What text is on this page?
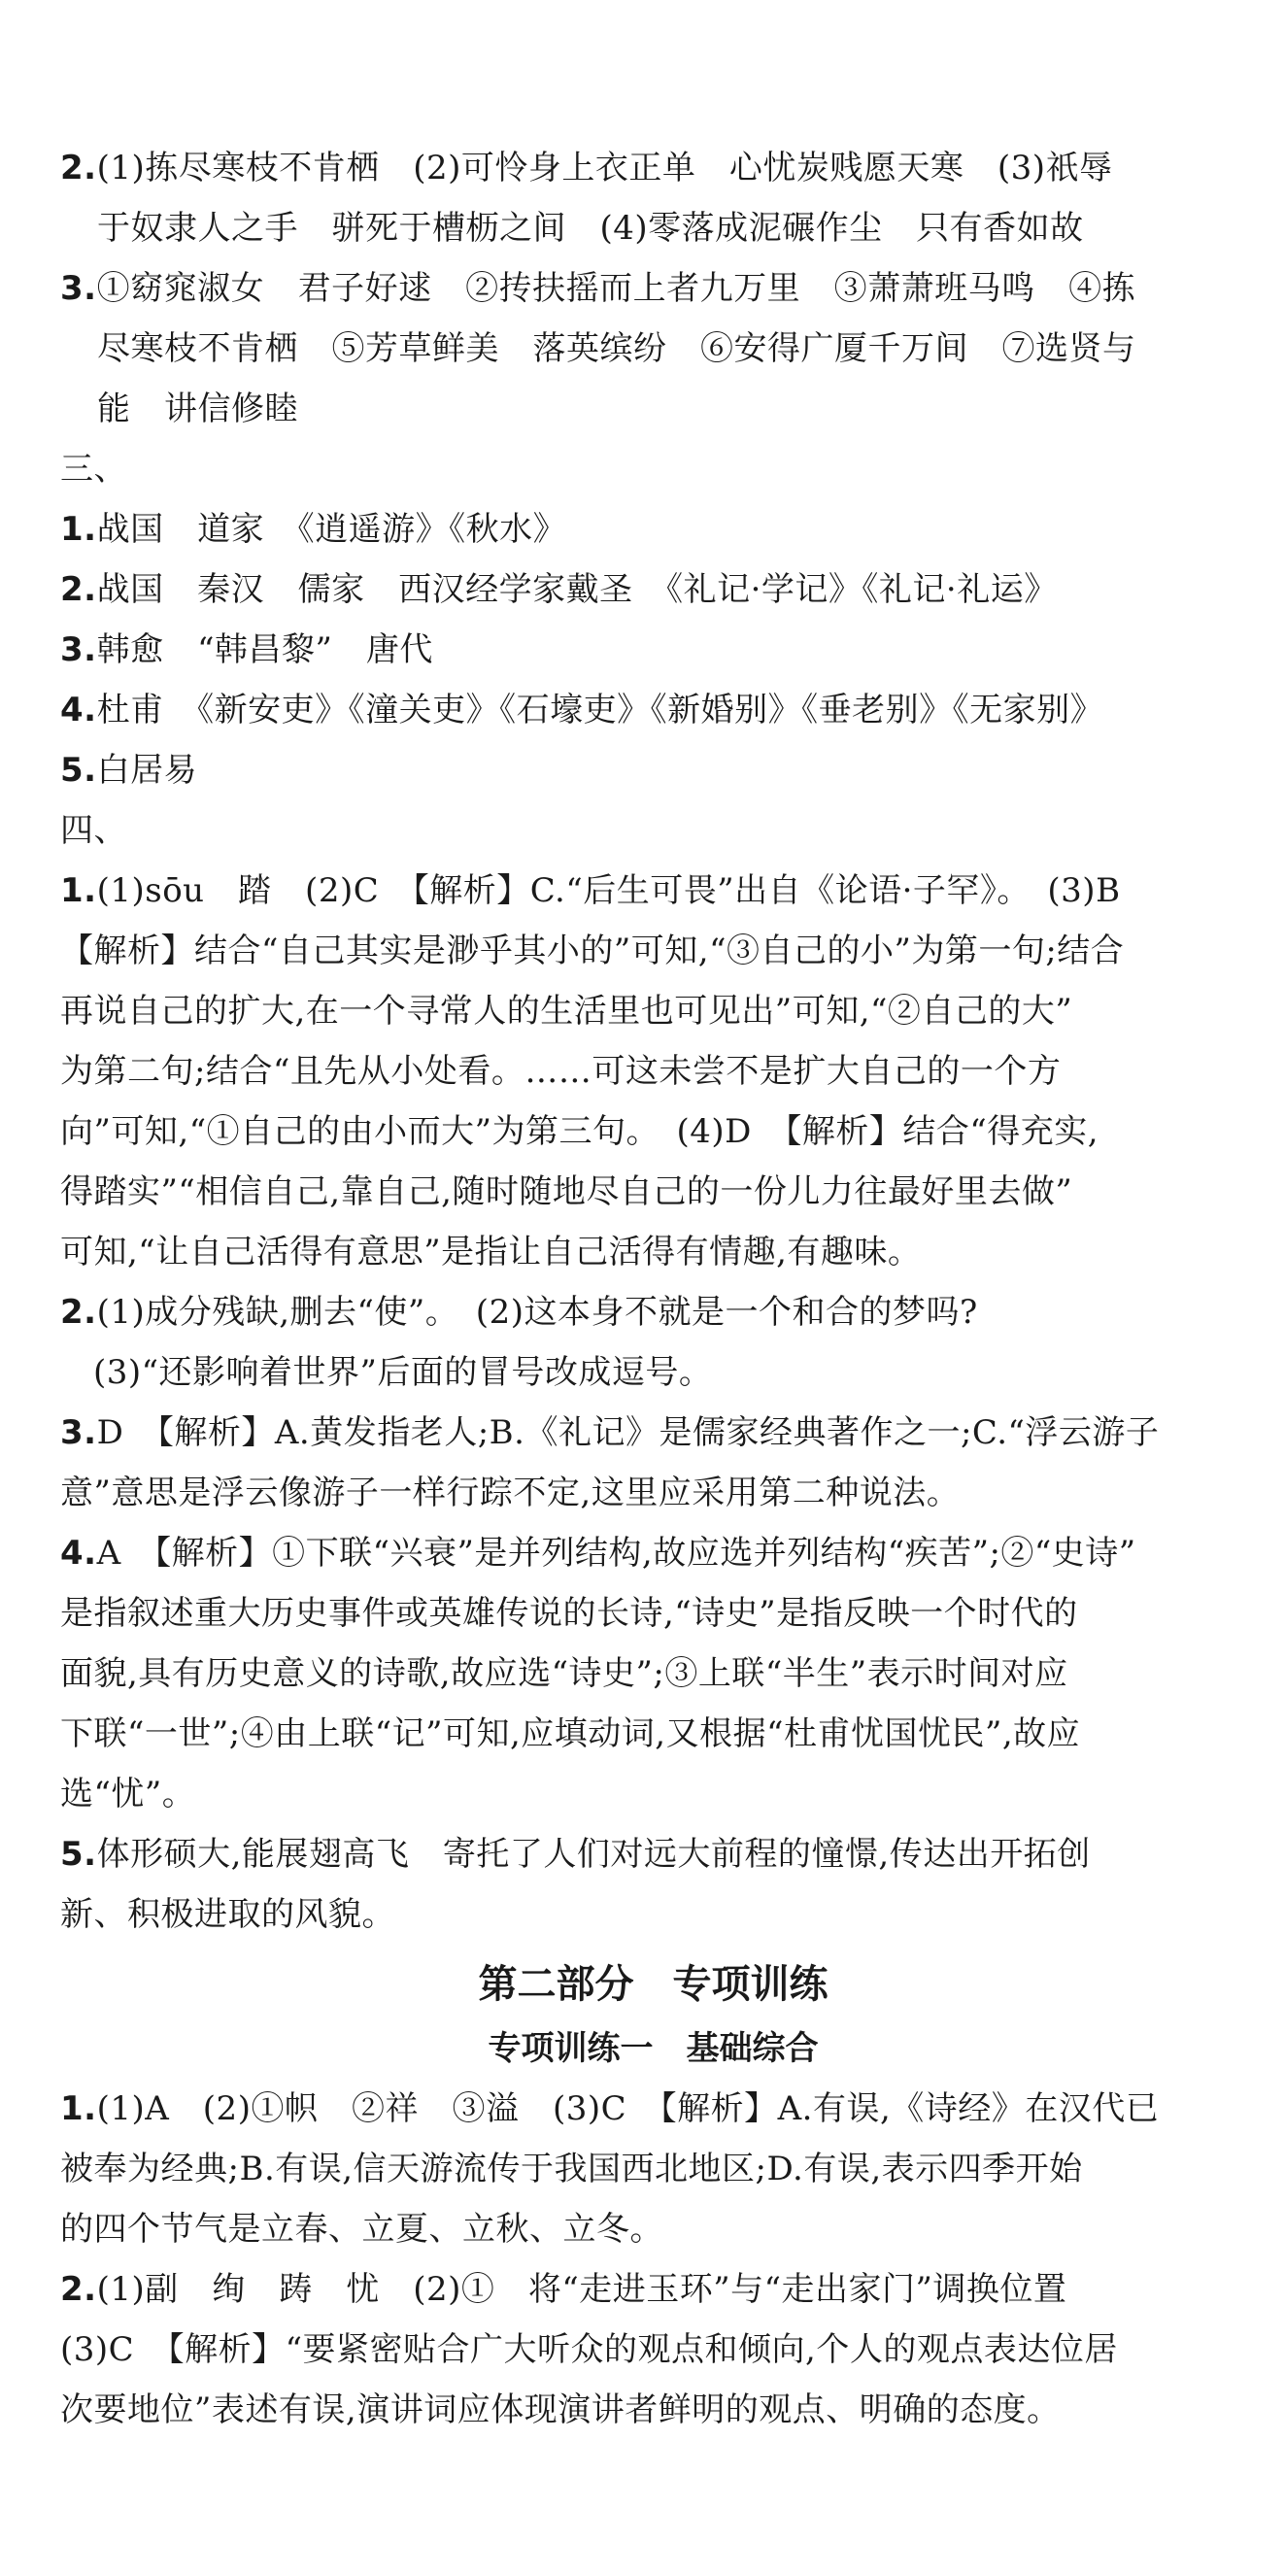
2.(1)拣尽寒枝不肯栖　(2)可怜身上衣正单　心忧炭贱愿天寒　(3)祇辱
于奴隶人之手　骈死于槽枥之间　(4)零落成泥碾作尘　只有香如故
3.①窈窕淑女　君子好逑　②抟扶摇而上者九万里　③萧萧班马鸣　④拣
尽寒枝不肯栖　⑤芳草鲜美　落英缤纷　⑥安得广厦千万间　⑦选贤与
能　讲信修睦
三、
1.战国　道家　《逍遥游》《秋水》
2.战国　秦汉　儒家　西汉经学家戴圣　《礼记·学记》《礼记·礼运》
3.韩愈　“韩昌黎”　唐代
4.杜甫　《新安吏》《潼关吏》《石壕吏》《新婚别》《垂老别》《无家别》
5.白居易
四、
1.(1)sōu　踏　(2)C　【解析】C.“后生可畏”出自《论语·子罕》。　(3)B
【解析】结合“自己其实是渺乎其小的”可知,“③自己的小”为第一句;结合
再说自己的扩大,在一个寻常人的生活里也可见出”可知,“②自己的大”
为第二句;结合“且先从小处看。……可这未尝不是扩大自己的一个方
向”可知,“①自己的由小而大”为第三句。　(4)D　【解析】结合“得充实,
得踏实”“相信自己,靠自己,随时随地尽自己的一份儿力往最好里去做”
可知,“让自己活得有意思”是指让自己活得有情趣,有趣味。
2.(1)成分残缺,删去“使”。　(2)这本身不就是一个和合的梦吗?
(3)“还影响着世界”后面的冒号改成逗号。
3.D　【解析】A.黄发指老人;B.《礼记》是儒家经典著作之一;C.“浮云游子
意”意思是浮云像游子一样行踪不定,这里应采用第二种说法。
4.A　【解析】①下联“兴衰”是并列结构,故应选并列结构“疾苦”;②“史诗”
是指叙述重大历史事件或英雄传说的长诗,“诗史”是指反映一个时代的
面貌,具有历史意义的诗歌,故应选“诗史”;③上联“半生”表示时间对应
下联“一世”;④由上联“记”可知,应填动词,又根据“杜甫忧国忧民”,故应
选“忧”。
5.体形硕大,能展翅高飞　寄托了人们对远大前程的憧憬,传达出开拓创
新、积极进取的风貌。
第二部分　专项训练
专项训练一　基础综合
1.(1)A　(2)①帜　②祥　③溢　(3)C　【解析】A.有误,《诗经》在汉代已
被奉为经典;B.有误,信天游流传于我国西北地区;D.有误,表示四季开始
的四个节气是立春、立夏、立秋、立冬。
2.(1)副　绚　踌　忧　(2)①　将“走进玉环”与“走出家门”调换位置
(3)C　【解析】“要紧密贴合广大听众的观点和倾向,个人的观点表达位居
次要地位”表述有误,演讲词应体现演讲者鲜明的观点、明确的态度。
